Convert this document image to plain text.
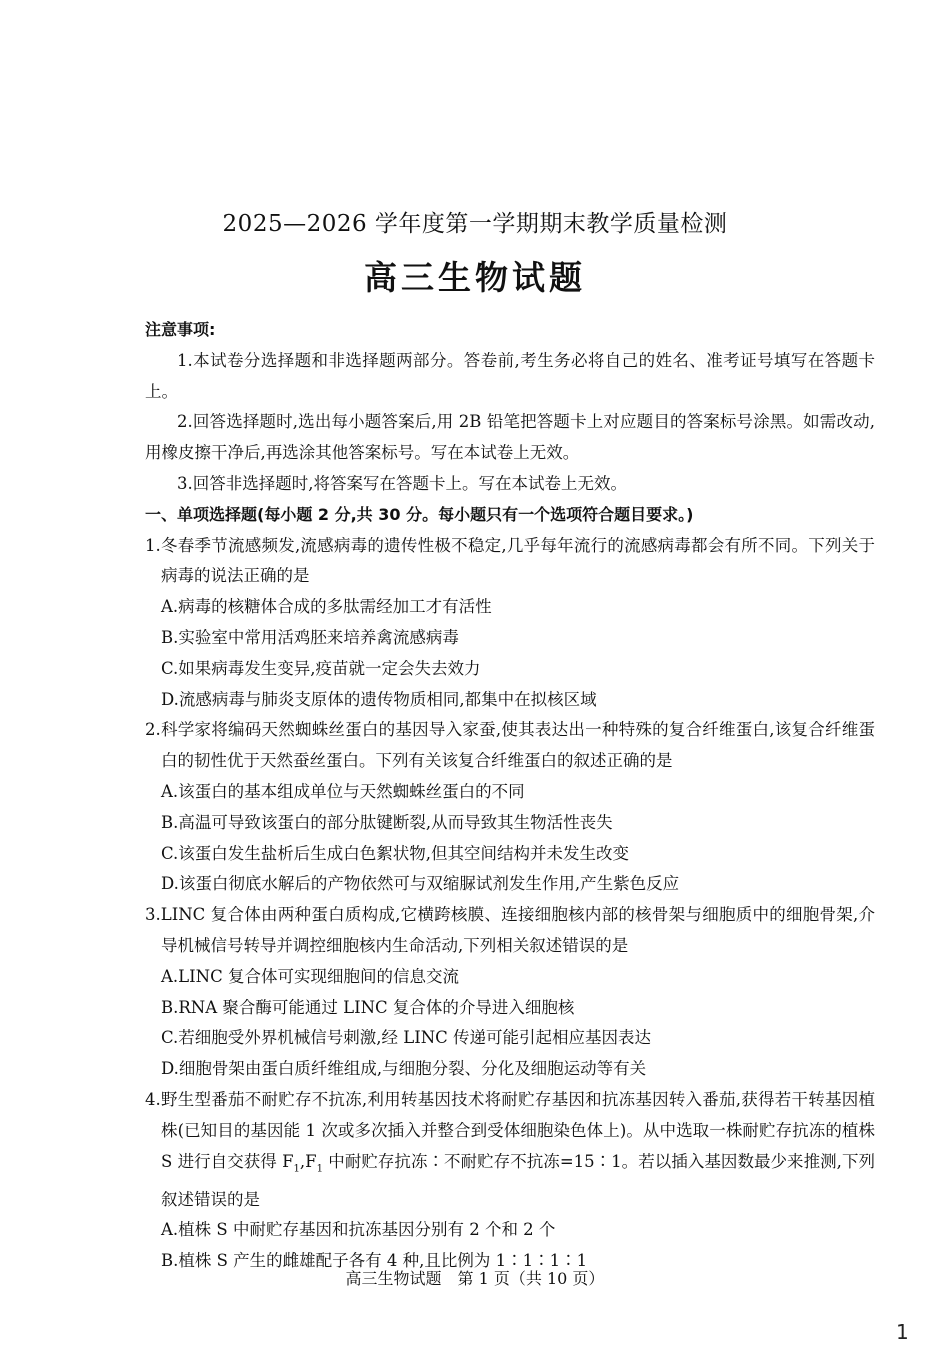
2025—2026 学年度第一学期期末教学质量检测
高三生物试题

注意事项:

1.本试卷分选择题和非选择题两部分。答卷前,考生务必将自己的姓名、准考证号填写在答题卡上。

2.回答选择题时,选出每小题答案后,用 2B 铅笔把答题卡上对应题目的答案标号涂黑。如需改动,用橡皮擦干净后,再选涂其他答案标号。写在本试卷上无效。

3.回答非选择题时,将答案写在答题卡上。写在本试卷上无效。

一、单项选择题(每小题 2 分,共 30 分。每小题只有一个选项符合题目要求。)

1.冬春季节流感频发,流感病毒的遗传性极不稳定,几乎每年流行的流感病毒都会有所不同。下列关于病毒的说法正确的是

A.病毒的核糖体合成的多肽需经加工才有活性

B.实验室中常用活鸡胚来培养禽流感病毒

C.如果病毒发生变异,疫苗就一定会失去效力

D.流感病毒与肺炎支原体的遗传物质相同,都集中在拟核区域

2.科学家将编码天然蜘蛛丝蛋白的基因导入家蚕,使其表达出一种特殊的复合纤维蛋白,该复合纤维蛋白的韧性优于天然蚕丝蛋白。下列有关该复合纤维蛋白的叙述正确的是

A.该蛋白的基本组成单位与天然蜘蛛丝蛋白的不同

B.高温可导致该蛋白的部分肽键断裂,从而导致其生物活性丧失

C.该蛋白发生盐析后生成白色絮状物,但其空间结构并未发生改变

D.该蛋白彻底水解后的产物依然可与双缩脲试剂发生作用,产生紫色反应

3.LINC 复合体由两种蛋白质构成,它横跨核膜、连接细胞核内部的核骨架与细胞质中的细胞骨架,介导机械信号转导并调控细胞核内生命活动,下列相关叙述错误的是

A.LINC 复合体可实现细胞间的信息交流

B.RNA 聚合酶可能通过 LINC 复合体的介导进入细胞核

C.若细胞受外界机械信号刺激,经 LINC 传递可能引起相应基因表达

D.细胞骨架由蛋白质纤维组成,与细胞分裂、分化及细胞运动等有关

4.野生型番茄不耐贮存不抗冻,利用转基因技术将耐贮存基因和抗冻基因转入番茄,获得若干转基因植株(已知目的基因能 1 次或多次插入并整合到受体细胞染色体上)。从中选取一株耐贮存抗冻的植株 S 进行自交获得 $F_1,F_1$ 中耐贮存抗冻∶不耐贮存不抗冻=15∶1。若以插入基因数最少来推测,下列叙述错误的是

A.植株 S 中耐贮存基因和抗冻基因分别有 2 个和 2 个

B.植株 S 产生的雌雄配子各有 4 种,且比例为 1∶1∶1∶1

高三生物试题　第 1 页（共 10 页）
1
